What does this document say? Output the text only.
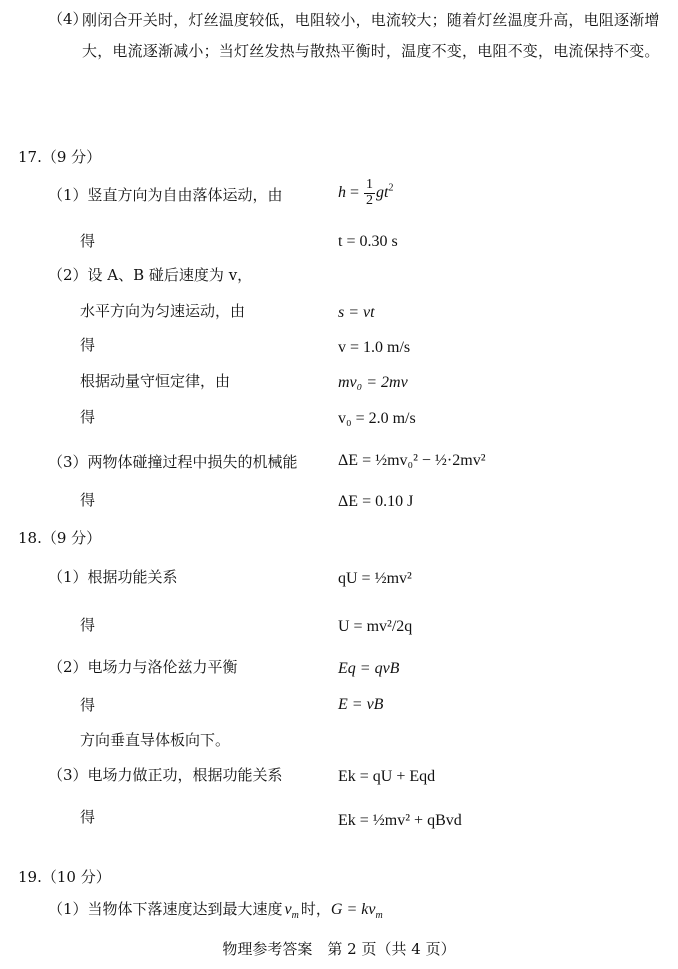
（4）
刚闭合开关时，灯丝温度较低，电阻较小，电流较大；随着灯丝温度升高，电阻逐渐增大，电流逐渐减小；当灯丝发热与散热平衡时，温度不变，电阻不变，电流保持不变。
17.（9 分）
（1）竖直方向为自由落体运动，由	$h = \frac{1}{2} gt^2$
得	t = 0.30 s
（2）设 A、B 碰后速度为 v，
水平方向为匀速运动，由	s = vt
得	v = 1.0 m/s
根据动量守恒定律，由	mv₀ = 2mv
得	v₀ = 2.0 m/s
（3）两物体碰撞过程中损失的机械能	ΔE = ½mv₀² − ½·2mv²
得	ΔE = 0.10 J
18.（9 分）
（1）根据功能关系	qU = ½mv²
得	U = mv²/2q
（2）电场力与洛伦兹力平衡	Eq = qvB
得	E = vB
方向垂直导体板向下。
（3）电场力做正功，根据功能关系	Ek = qU + Eqd
得	Ek = ½mv² + qBvd
19.（10 分）
（1）当物体下落速度达到最大速度 $v_m$ 时，$G = kv_m$
物理参考答案　第 2 页（共 4 页）
